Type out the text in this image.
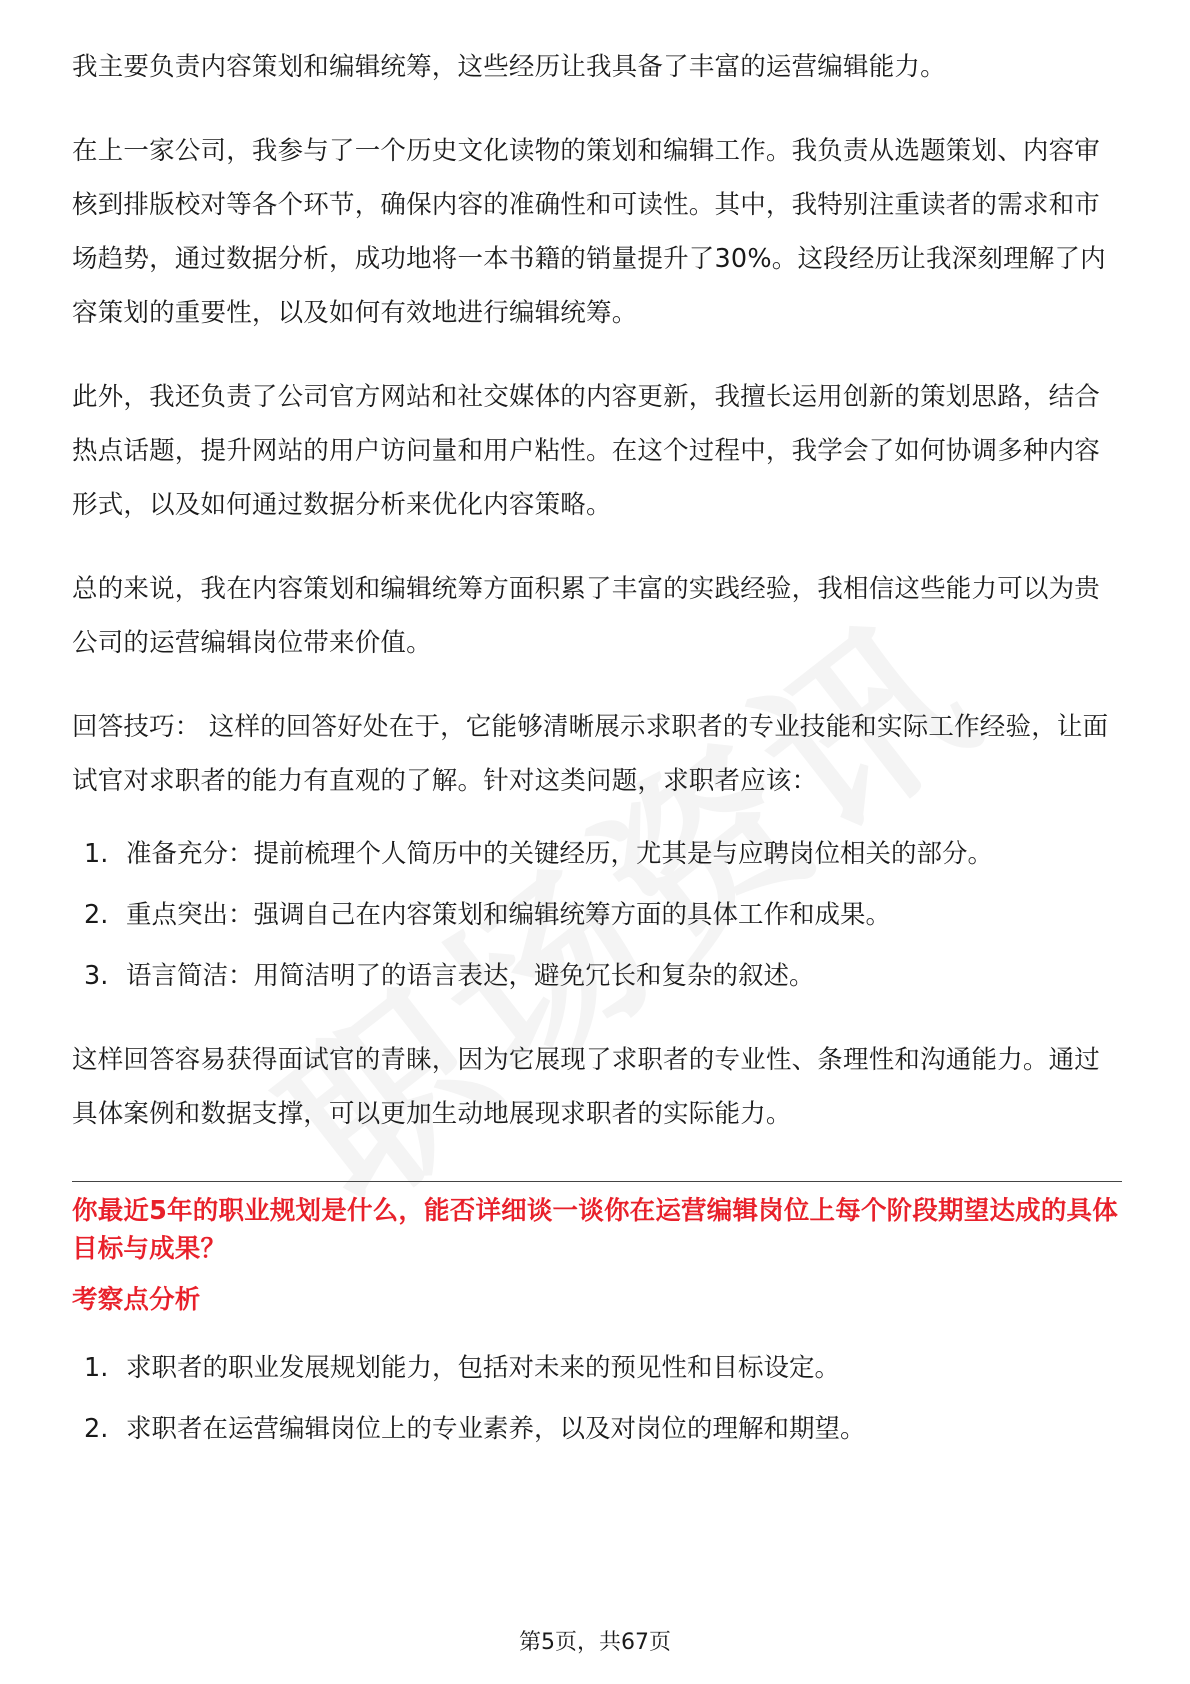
我主要负责内容策划和编辑统筹，这些经历让我具备了丰富的运营编辑能力。

在上一家公司，我参与了一个历史文化读物的策划和编辑工作。我负责从选题策划、内容审核到排版校对等各个环节，确保内容的准确性和可读性。其中，我特别注重读者的需求和市场趋势，通过数据分析，成功地将一本书籍的销量提升了30%。这段经历让我深刻理解了内容策划的重要性，以及如何有效地进行编辑统筹。

此外，我还负责了公司官方网站和社交媒体的内容更新，我擅长运用创新的策划思路，结合热点话题，提升网站的用户访问量和用户粘性。在这个过程中，我学会了如何协调多种内容形式，以及如何通过数据分析来优化内容策略。

总的来说，我在内容策划和编辑统筹方面积累了丰富的实践经验，我相信这些能力可以为贵公司的运营编辑岗位带来价值。

回答技巧： 这样的回答好处在于，它能够清晰展示求职者的专业技能和实际工作经验，让面试官对求职者的能力有直观的了解。针对这类问题，求职者应该：

1. 准备充分：提前梳理个人简历中的关键经历，尤其是与应聘岗位相关的部分。
2. 重点突出：强调自己在内容策划和编辑统筹方面的具体工作和成果。
3. 语言简洁：用简洁明了的语言表达，避免冗长和复杂的叙述。

这样回答容易获得面试官的青睐，因为它展现了求职者的专业性、条理性和沟通能力。通过具体案例和数据支撑，可以更加生动地展现求职者的实际能力。

你最近5年的职业规划是什么，能否详细谈一谈你在运营编辑岗位上每个阶段期望达成的具体目标与成果？

考察点分析

1. 求职者的职业发展规划能力，包括对未来的预见性和目标设定。
2. 求职者在运营编辑岗位上的专业素养，以及对岗位的理解和期望。
第5页，共67页
